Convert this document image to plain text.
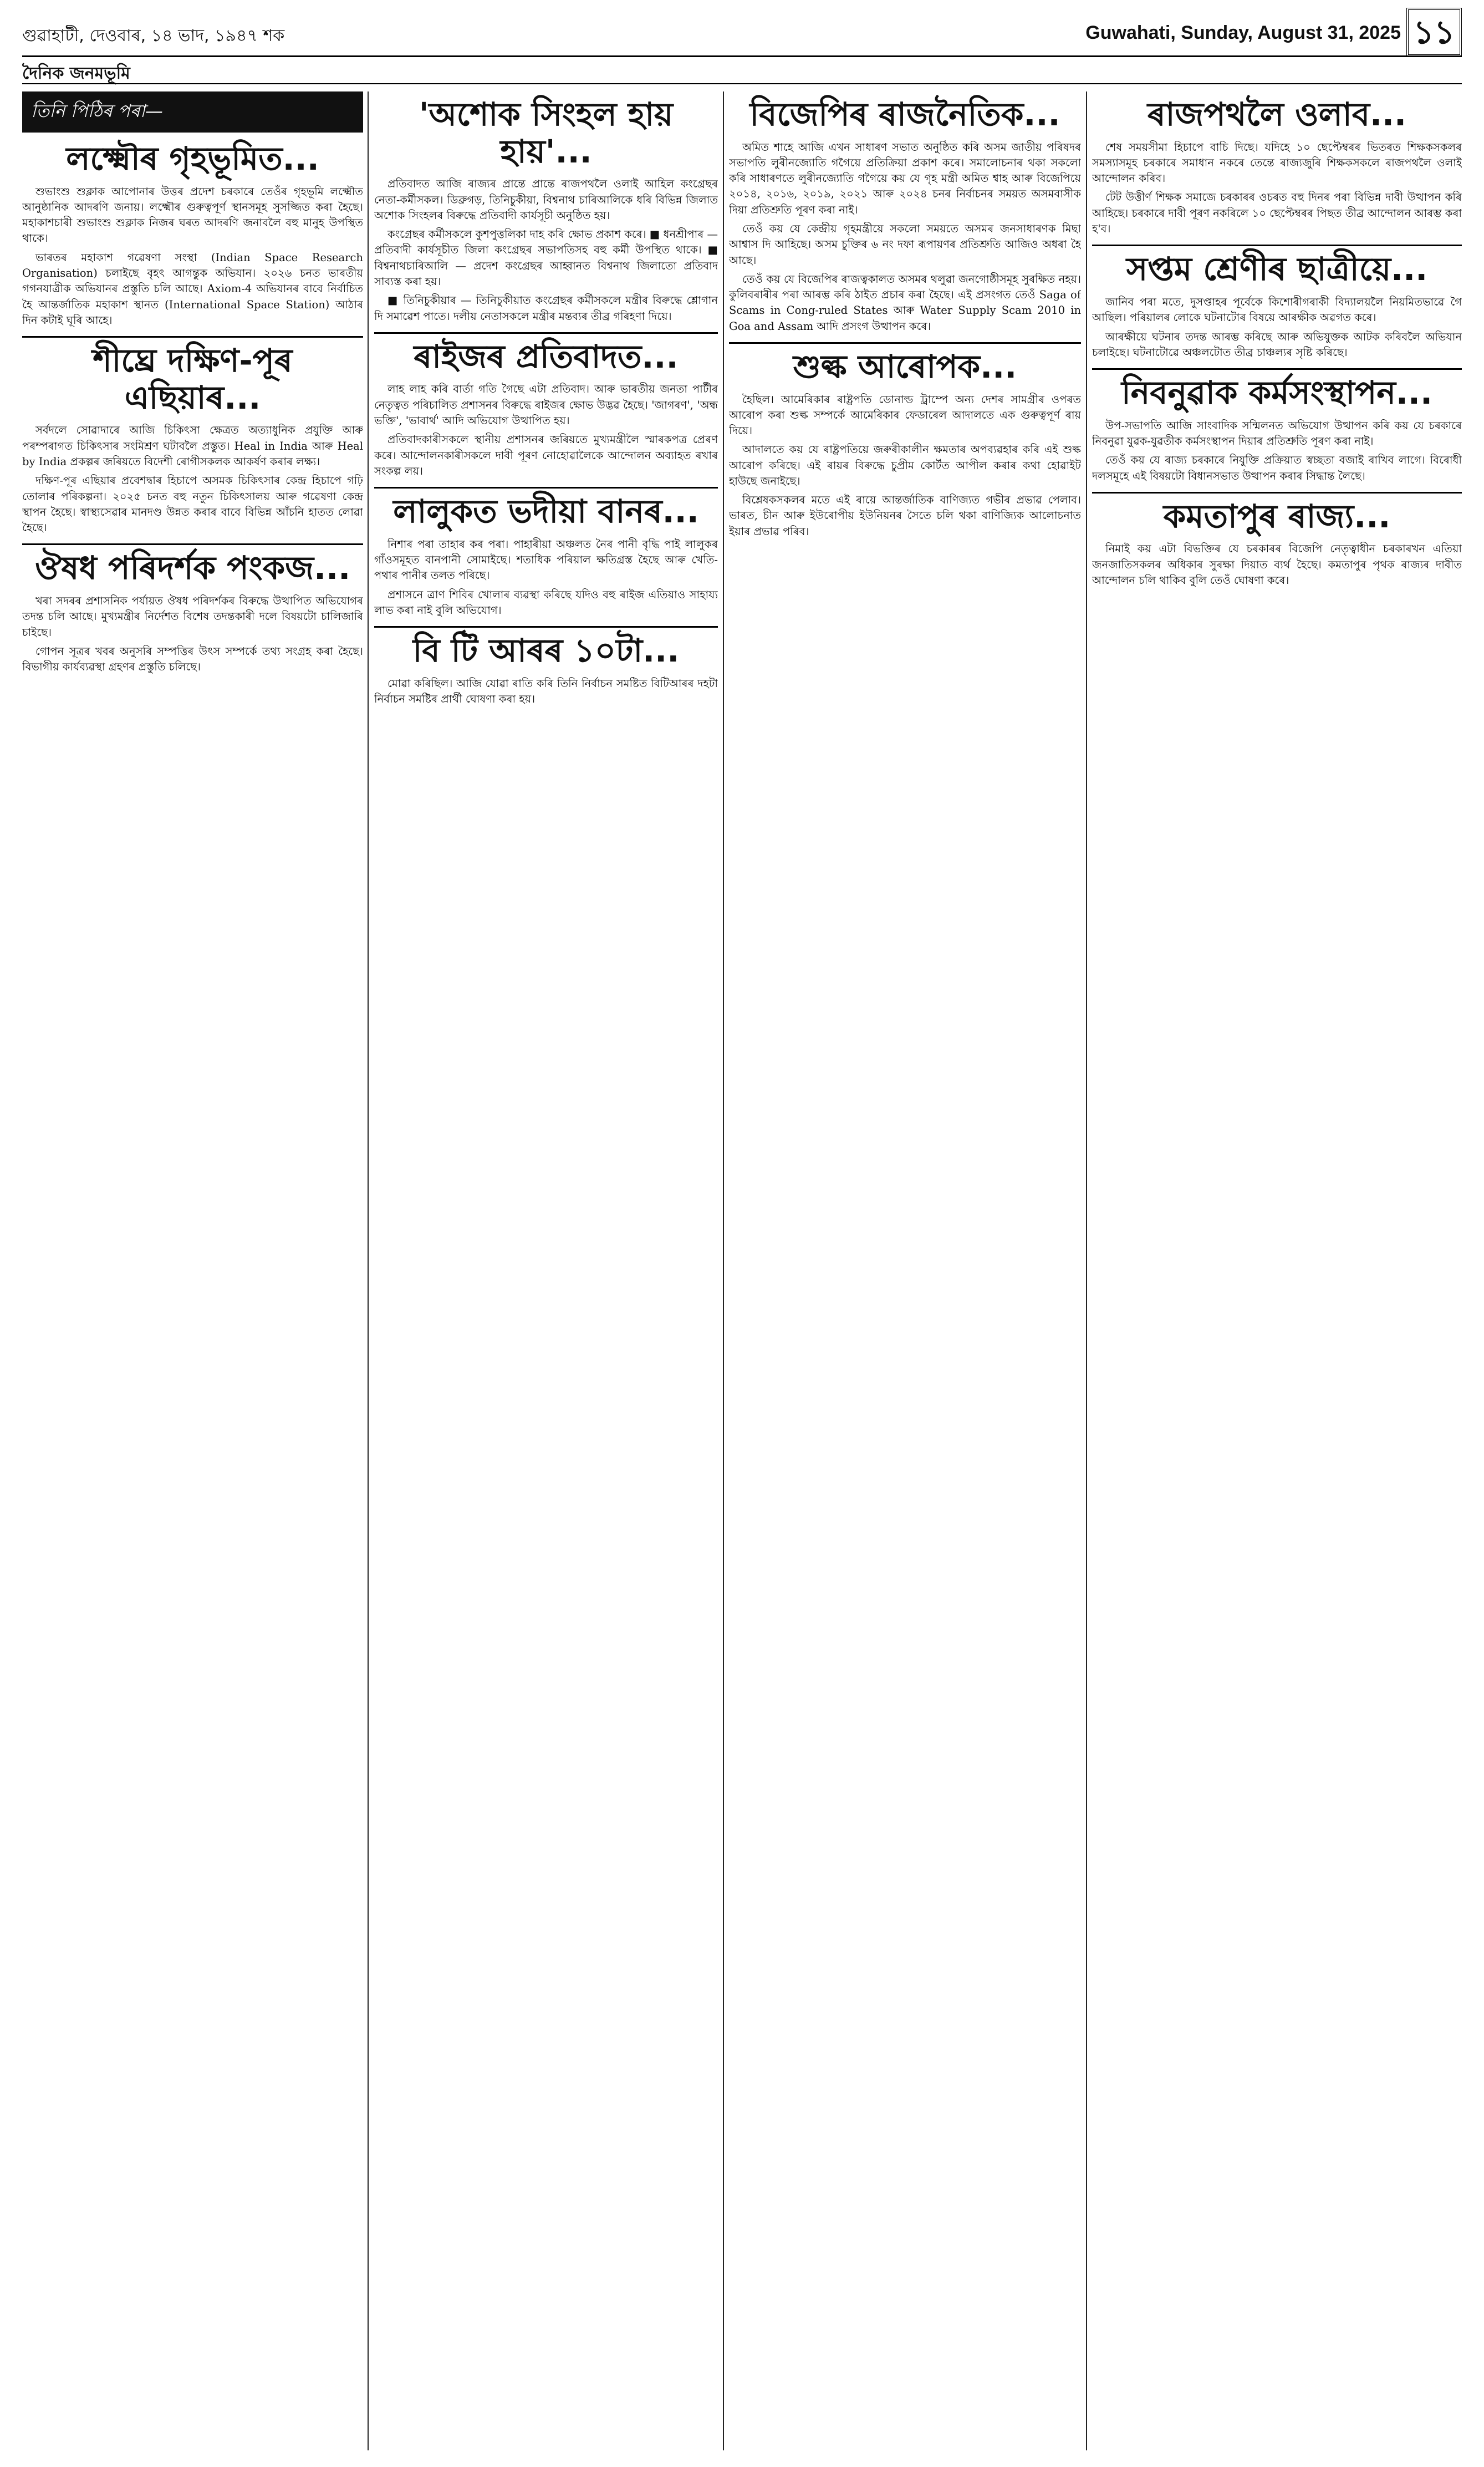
গুৱাহাটী, দেওবাৰ, ১৪ ভাদ, ১৯৪৭ শক	Guwahati, Sunday, August 31, 2025 ১১
দৈনিক জনমভূমি
তিনি পিঠিৰ পৰা—
লক্ষ্মৌৰ গৃহভূমিত...

শুভাংশু শুক্লাক আপোনাৰ উত্তৰ প্ৰদেশ চৰকাৰে তেওঁৰ গৃহভূমি লক্ষ্মৌত আনুষ্ঠানিক আদৰণি জনায়। লক্ষ্মৌৰ গুৰুত্বপূৰ্ণ স্থানসমূহ সুসজ্জিত কৰা হৈছে। মহাকাশচাৰী শুভাংশু শুক্লাক নিজৰ ঘৰত আদৰণি জনাবলৈ বহু মানুহ উপস্থিত থাকে।

ভাৰতৰ মহাকাশ গৱেষণা সংস্থা (Indian Space Research Organisation) চলাইছে বৃহৎ আগন্তুক অভিযান। ২০২৬ চনত ভাৰতীয় গগনযাত্ৰীক অভিযানৰ প্ৰস্তুতি চলি আছে। Axiom-4 অভিযানৰ বাবে নিৰ্বাচিত হৈ আন্তৰ্জাতিক মহাকাশ স্থানত (International Space Station) আঠাৰ দিন কটাই ঘূৰি আহে।

শীঘ্ৰে দক্ষিণ-পূৰ এছিয়াৰ...

সৰ্বদলে সোৱাদাৰে আজি চিকিৎসা ক্ষেত্ৰত অত্যাধুনিক প্ৰযুক্তি আৰু পৰম্পৰাগত চিকিৎসাৰ সংমিশ্ৰণ ঘটাবলৈ প্ৰস্তুত। Heal in India আৰু Heal by India প্ৰকল্পৰ জৰিয়তে বিদেশী ৰোগীসকলক আকৰ্ষণ কৰাৰ লক্ষ্য।

দক্ষিণ-পূৰ এছিয়াৰ প্ৰবেশদ্বাৰ হিচাপে অসমক চিকিৎসাৰ কেন্দ্ৰ হিচাপে গঢ়ি তোলাৰ পৰিকল্পনা। ২০২৫ চনত বহু নতুন চিকিৎসালয় আৰু গৱেষণা কেন্দ্ৰ স্থাপন হৈছে। স্বাস্থ্যসেৱাৰ মানদণ্ড উন্নত কৰাৰ বাবে বিভিন্ন আঁচনি হাতত লোৱা হৈছে।

ঔষধ পৰিদৰ্শক পংকজ...

খৰা সদৰৰ প্ৰশাসনিক পৰ্যায়ত ঔষধ পৰিদৰ্শকৰ বিৰুদ্ধে উত্থাপিত অভিযোগৰ তদন্ত চলি আছে। মুখ্যমন্ত্ৰীৰ নিৰ্দেশত বিশেষ তদন্তকাৰী দলে বিষয়টো চালিজাৰি চাইছে।

গোপন সূত্ৰৰ খবৰ অনুসৰি সম্পত্তিৰ উৎস সম্পৰ্কে তথ্য সংগ্ৰহ কৰা হৈছে। বিভাগীয় কাৰ্যব্যৱস্থা গ্ৰহণৰ প্ৰস্তুতি চলিছে।

'অশোক সিংহল হায় হায়'...

প্ৰতিবাদত আজি ৰাজ্যৰ প্ৰান্তে প্ৰান্তে ৰাজপথলৈ ওলাই আহিল কংগ্ৰেছৰ নেতা-কৰ্মীসকল। ডিব্ৰুগড়, তিনিচুকীয়া, বিশ্বনাথ চাৰিআলিকে ধৰি বিভিন্ন জিলাত অশোক সিংহলৰ বিৰুদ্ধে প্ৰতিবাদী কাৰ্যসূচী অনুষ্ঠিত হয়।

কংগ্ৰেছৰ কৰ্মীসকলে কুশপুত্তলিকা দাহ কৰি ক্ষোভ প্ৰকাশ কৰে। ■ ধনশ্ৰীপাৰ — প্ৰতিবাদী কাৰ্যসূচীত জিলা কংগ্ৰেছৰ সভাপতিসহ বহু কৰ্মী উপস্থিত থাকে। ■ বিশ্বনাথচাৰিআলি — প্ৰদেশ কংগ্ৰেছৰ আহ্বানত বিশ্বনাথ জিলাতো প্ৰতিবাদ সাব্যস্ত কৰা হয়।

■ তিনিচুকীয়াৰ — তিনিচুকীয়াত কংগ্ৰেছৰ কৰ্মীসকলে মন্ত্ৰীৰ বিৰুদ্ধে শ্লোগান দি সমাৱেশ পাতে। দলীয় নেতাসকলে মন্ত্ৰীৰ মন্তব্যৰ তীব্ৰ গৰিহণা দিয়ে।

ৰাইজৰ প্ৰতিবাদত...

লাহ লাহ কৰি বাৰ্তা গতি গৈছে এটা প্ৰতিবাদ। আৰু ভাৰতীয় জনতা পাৰ্টীৰ নেতৃত্বত পৰিচালিত প্ৰশাসনৰ বিৰুদ্ধে ৰাইজৰ ক্ষোভ উদ্ভৱ হৈছে। 'জাগৰণ', 'অন্ধ ভক্তি', 'ভাবাৰ্থ' আদি অভিযোগ উত্থাপিত হয়।

প্ৰতিবাদকাৰীসকলে স্থানীয় প্ৰশাসনৰ জৰিয়তে মুখ্যমন্ত্ৰীলৈ স্মাৰকপত্ৰ প্ৰেৰণ কৰে। আন্দোলনকাৰীসকলে দাবী পূৰণ নোহোৱালৈকে আন্দোলন অব্যাহত ৰখাৰ সংকল্প লয়।

লালুকত ভদীয়া বানৰ...

নিশাৰ পৰা তাহাৰ কৰ পৰা। পাহাৰীয়া অঞ্চলত নৈৰ পানী বৃদ্ধি পাই লালুকৰ গাঁওসমূহত বানপানী সোমাইছে। শতাধিক পৰিয়াল ক্ষতিগ্ৰস্ত হৈছে আৰু খেতি-পথাৰ পানীৰ তলত পৰিছে।

প্ৰশাসনে ত্ৰাণ শিবিৰ খোলাৰ ব্যৱস্থা কৰিছে যদিও বহু ৰাইজ এতিয়াও সাহায্য লাভ কৰা নাই বুলি অভিযোগ।

বি টি আৰৰ ১০টা...

মোৱা কৰিছিল। আজি যোৱা ৰাতি কৰি তিনি নিৰ্বাচন সমষ্টিত বিটিআৰৰ দহটা নিৰ্বাচন সমষ্টিৰ প্ৰাৰ্থী ঘোষণা কৰা হয়।

বিজেপিৰ ৰাজনৈতিক...

অমিত শাহে আজি এখন সাধাৰণ সভাত অনুষ্ঠিত কৰি অসম জাতীয় পৰিষদৰ সভাপতি লুৰীনজ্যোতি গগৈয়ে প্ৰতিক্ৰিয়া প্ৰকাশ কৰে। সমালোচনাৰ থকা সকলো কৰি সাধাৰণতে লুৰীনজ্যোতি গগৈয়ে কয় যে গৃহ মন্ত্ৰী অমিত শ্বাহ আৰু বিজেপিয়ে ২০১৪, ২০১৬, ২০১৯, ২০২১ আৰু ২০২৪ চনৰ নিৰ্বাচনৰ সময়ত অসমবাসীক দিয়া প্ৰতিশ্ৰুতি পূৰণ কৰা নাই।

তেওঁ কয় যে কেন্দ্ৰীয় গৃহমন্ত্ৰীয়ে সকলো সময়তে অসমৰ জনসাধাৰণক মিছা আশ্বাস দি আহিছে। অসম চুক্তিৰ ৬ নং দফা ৰূপায়ণৰ প্ৰতিশ্ৰুতি আজিও অধৰা হৈ আছে।

তেওঁ কয় যে বিজেপিৰ ৰাজত্বকালত অসমৰ থলুৱা জনগোষ্ঠীসমূহ সুৰক্ষিত নহয়। কুলিবৰাৰীৰ পৰা আৰম্ভ কৰি ঠাইত প্ৰচাৰ কৰা হৈছে। এই প্ৰসংগত তেওঁ Saga of Scams in Cong-ruled States আৰু Water Supply Scam 2010 in Goa and Assam আদি প্ৰসংগ উত্থাপন কৰে।

শুল্ক আৰোপক...

হৈছিল। আমেৰিকাৰ ৰাষ্ট্ৰপতি ডোনাল্ড ট্ৰাম্পে অন্য দেশৰ সামগ্ৰীৰ ওপৰত আৰোপ কৰা শুল্ক সম্পৰ্কে আমেৰিকাৰ ফেডাৰেল আদালতে এক গুৰুত্বপূৰ্ণ ৰায় দিয়ে।

আদালতে কয় যে ৰাষ্ট্ৰপতিয়ে জৰুৰীকালীন ক্ষমতাৰ অপব্যৱহাৰ কৰি এই শুল্ক আৰোপ কৰিছে। এই ৰায়ৰ বিৰুদ্ধে চুপ্ৰীম কোৰ্টত আপীল কৰাৰ কথা হোৱাইট হাউছে জনাইছে।

বিশ্লেষকসকলৰ মতে এই ৰায়ে আন্তৰ্জাতিক বাণিজ্যত গভীৰ প্ৰভাৱ পেলাব। ভাৰত, চীন আৰু ইউৰোপীয় ইউনিয়নৰ সৈতে চলি থকা বাণিজ্যিক আলোচনাত ইয়াৰ প্ৰভাৱ পৰিব।

ৰাজপথলৈ ওলাব...

শেষ সময়সীমা হিচাপে বাচি দিছে। যদিহে ১০ ছেপ্টেম্বৰৰ ভিতৰত শিক্ষকসকলৰ সমস্যাসমূহ চৰকাৰে সমাধান নকৰে তেন্তে ৰাজ্যজুৰি শিক্ষকসকলে ৰাজপথলৈ ওলাই আন্দোলন কৰিব।

টেট উত্তীৰ্ণ শিক্ষক সমাজে চৰকাৰৰ ওচৰত বহু দিনৰ পৰা বিভিন্ন দাবী উত্থাপন কৰি আহিছে। চৰকাৰে দাবী পূৰণ নকৰিলে ১০ ছেপ্টেম্বৰৰ পিছত তীব্ৰ আন্দোলন আৰম্ভ কৰা হ'ব।

সপ্তম শ্ৰেণীৰ ছাত্ৰীয়ে...

জানিব পৰা মতে, দুসপ্তাহৰ পূৰ্বেকে কিশোৰীগৰাকী বিদ্যালয়লৈ নিয়মিতভাৱে গৈ আছিল। পৰিয়ালৰ লোকে ঘটনাটোৰ বিষয়ে আৰক্ষীক অৱগত কৰে।

আৰক্ষীয়ে ঘটনাৰ তদন্ত আৰম্ভ কৰিছে আৰু অভিযুক্তক আটক কৰিবলৈ অভিযান চলাইছে। ঘটনাটোৱে অঞ্চলটোত তীব্ৰ চাঞ্চল্যৰ সৃষ্টি কৰিছে।

নিবনুৱাক কৰ্মসংস্থাপন...

উপ-সভাপতি আজি সাংবাদিক সন্মিলনত অভিযোগ উত্থাপন কৰি কয় যে চৰকাৰে নিবনুৱা যুৱক-যুৱতীক কৰ্মসংস্থাপন দিয়াৰ প্ৰতিশ্ৰুতি পূৰণ কৰা নাই।

তেওঁ কয় যে ৰাজ্য চৰকাৰে নিযুক্তি প্ৰক্ৰিয়াত স্বচ্ছতা বজাই ৰাখিব লাগে। বিৰোধী দলসমূহে এই বিষয়টো বিধানসভাত উত্থাপন কৰাৰ সিদ্ধান্ত লৈছে।

কমতাপুৰ ৰাজ্য...

নিমাই কয় এটা বিভক্তিৰ যে চৰকাৰৰ বিজেপি নেতৃত্বাধীন চৰকাৰখন এতিয়া জনজাতিসকলৰ অধিকাৰ সুৰক্ষা দিয়াত ব্যৰ্থ হৈছে। কমতাপুৰ পৃথক ৰাজ্যৰ দাবীত আন্দোলন চলি থাকিব বুলি তেওঁ ঘোষণা কৰে।
